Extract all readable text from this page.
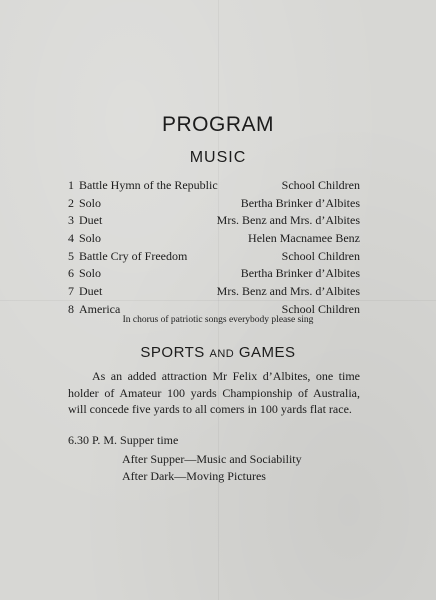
PROGRAM
MUSIC
1 Battle Hymn of the Republic	School Children
2 Solo	Bertha Brinker d’Albites
3 Duet	Mrs. Benz and Mrs. d’Albites
4 Solo	Helen Macnamee Benz
5 Battle Cry of Freedom	School Children
6 Solo	Bertha Brinker d’Albites
7 Duet	Mrs. Benz and Mrs. d’Albites
8 America	School Children

In chorus of patriotic songs everybody please sing

SPORTS AND GAMES

As an added attraction Mr Felix d’Albites, one time holder of Amateur 100 yards Championship of Australia, will concede five yards to all comers in 100 yards flat race.

6.30 P. M. Supper time

After Supper—Music and Sociability

After Dark—Moving Pictures
